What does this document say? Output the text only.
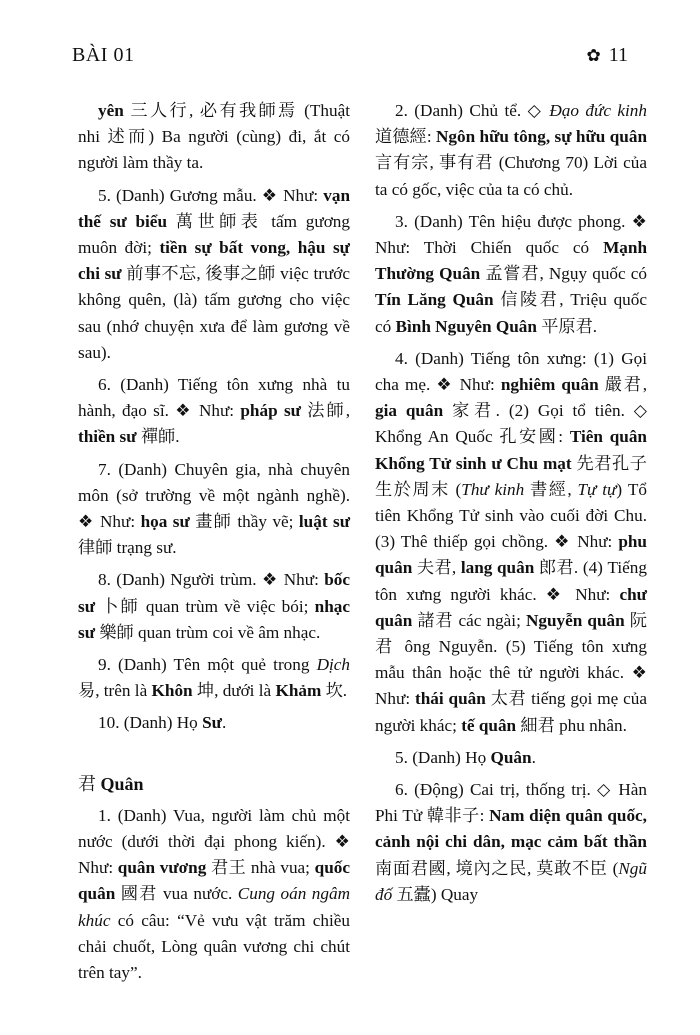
BÀI 01	✿ 11

yên 三人行, 必有我師焉 (Thuật nhi 述而) Ba người (cùng) đi, ắt có người làm thầy ta.

5. (Danh) Gương mẫu. ❖ Như: vạn thế sư biểu 萬世師表 tấm gương muôn đời; tiền sự bất vong, hậu sự chi sư 前事不忘, 後事之師 việc trước không quên, (là) tấm gương cho việc sau (nhớ chuyện xưa để làm gương về sau).

6. (Danh) Tiếng tôn xưng nhà tu hành, đạo sĩ. ❖ Như: pháp sư 法師, thiền sư 禪師.

7. (Danh) Chuyên gia, nhà chuyên môn (sở trường về một ngành nghề). ❖ Như: họa sư 畫師 thầy vẽ; luật sư 律師 trạng sư.

8. (Danh) Người trùm. ❖ Như: bốc sư 卜師 quan trùm về việc bói; nhạc sư 樂師 quan trùm coi về âm nhạc.

9. (Danh) Tên một quẻ trong Dịch 易, trên là Khôn 坤, dưới là Khảm 坎.

10. (Danh) Họ Sư.

君 Quân

1. (Danh) Vua, người làm chủ một nước (dưới thời đại phong kiến). ❖ Như: quân vương 君王 nhà vua; quốc quân 國君 vua nước. Cung oán ngâm khúc có câu: “Vẻ vưu vật trăm chiều chải chuốt, Lòng quân vương chi chút trên tay”.

2. (Danh) Chủ tể. ◇ Đạo đức kinh 道德經: Ngôn hữu tông, sự hữu quân 言有宗, 事有君 (Chương 70) Lời của ta có gốc, việc của ta có chủ.

3. (Danh) Tên hiệu được phong. ❖ Như: Thời Chiến quốc có Mạnh Thường Quân 孟嘗君, Ngụy quốc có Tín Lăng Quân 信陵君, Triệu quốc có Bình Nguyên Quân 平原君.

4. (Danh) Tiếng tôn xưng: (1) Gọi cha mẹ. ❖ Như: nghiêm quân 嚴君, gia quân 家君. (2) Gọi tổ tiên. ◇ Khổng An Quốc 孔安國: Tiên quân Khổng Tử sinh ư Chu mạt 先君孔子生於周末 (Thư kinh 書經, Tự tự) Tổ tiên Khổng Tử sinh vào cuối đời Chu. (3) Thê thiếp gọi chồng. ❖ Như: phu quân 夫君, lang quân 郎君. (4) Tiếng tôn xưng người khác. ❖ Như: chư quân 諸君 các ngài; Nguyễn quân 阮君 ông Nguyễn. (5) Tiếng tôn xưng mẫu thân hoặc thê tử người khác. ❖ Như: thái quân 太君 tiếng gọi mẹ của người khác; tế quân 細君 phu nhân.

5. (Danh) Họ Quân.

6. (Động) Cai trị, thống trị. ◇ Hàn Phi Tử 韓非子: Nam diện quân quốc, cảnh nội chi dân, mạc cảm bất thần 南面君國, 境內之民, 莫敢不臣 (Ngũ đố 五蠹) Quay
